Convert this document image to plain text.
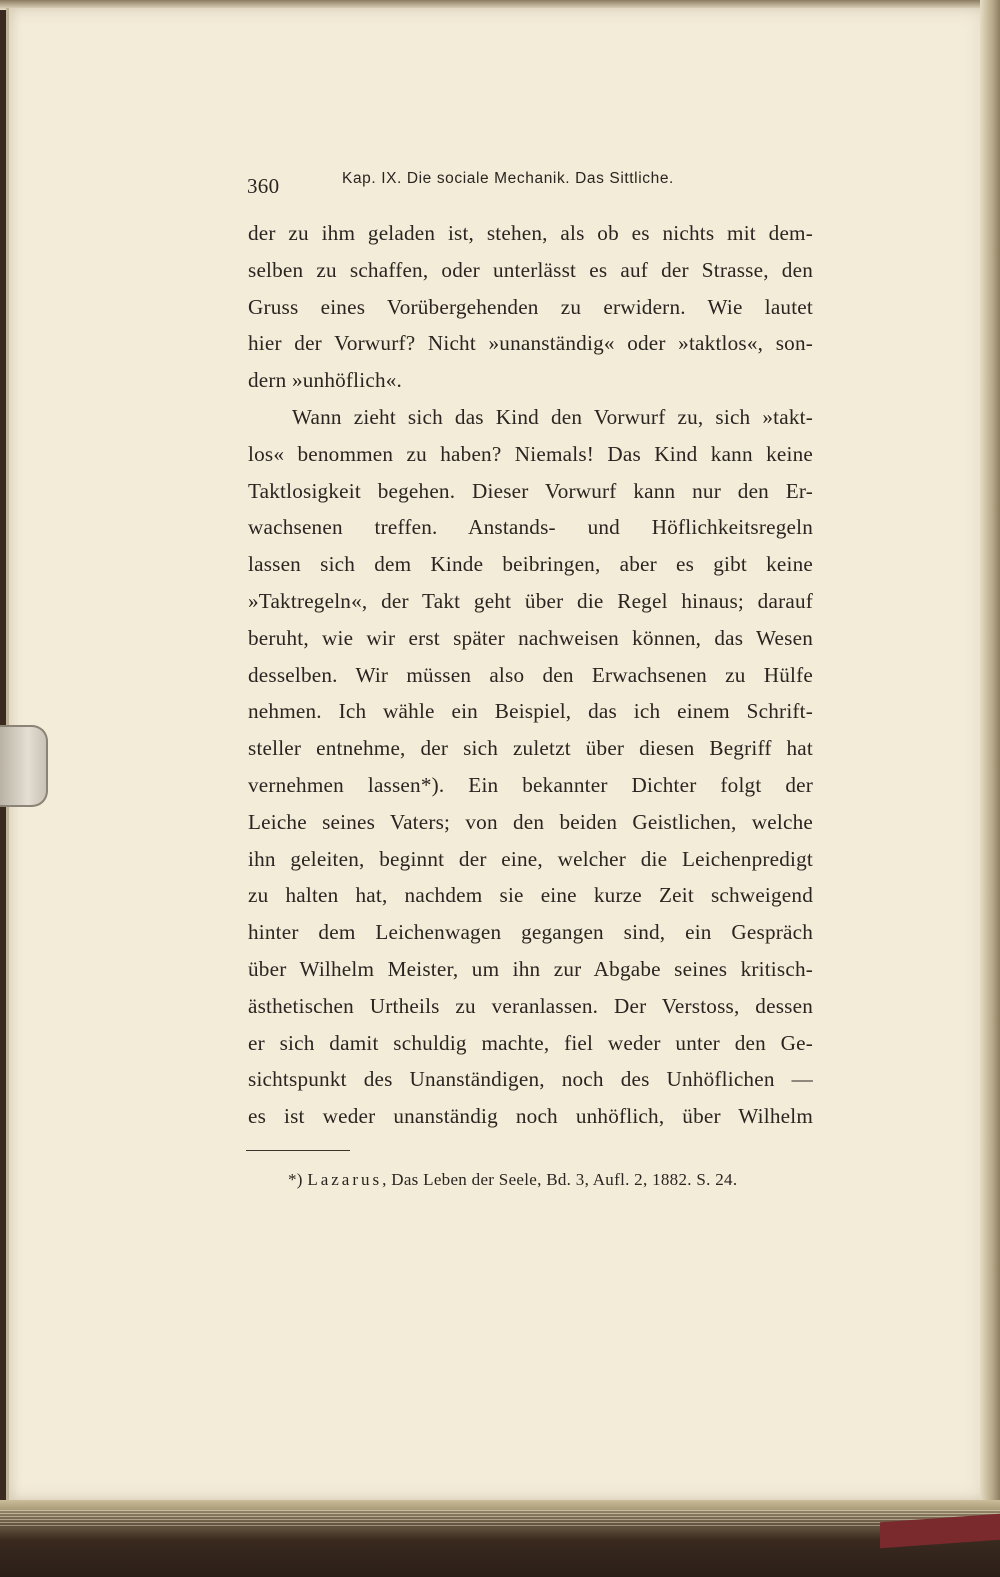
360	Kap. IX. Die sociale Mechanik. Das Sittliche.
der zu ihm geladen ist, stehen, als ob es nichts mit dem-
selben zu schaffen, oder unterlässt es auf der Strasse, den
Gruss eines Vorübergehenden zu erwidern. Wie lautet
hier der Vorwurf? Nicht »unanständig« oder »taktlos«, son-
dern »unhöflich«.
Wann zieht sich das Kind den Vorwurf zu, sich »takt-
los« benommen zu haben? Niemals! Das Kind kann keine
Taktlosigkeit begehen. Dieser Vorwurf kann nur den Er-
wachsenen treffen. Anstands- und Höflichkeitsregeln
lassen sich dem Kinde beibringen, aber es gibt keine
»Taktregeln«, der Takt geht über die Regel hinaus; darauf
beruht, wie wir erst später nachweisen können, das Wesen
desselben. Wir müssen also den Erwachsenen zu Hülfe
nehmen. Ich wähle ein Beispiel, das ich einem Schrift-
steller entnehme, der sich zuletzt über diesen Begriff hat
vernehmen lassen*). Ein bekannter Dichter folgt der
Leiche seines Vaters; von den beiden Geistlichen, welche
ihn geleiten, beginnt der eine, welcher die Leichenpredigt
zu halten hat, nachdem sie eine kurze Zeit schweigend
hinter dem Leichenwagen gegangen sind, ein Gespräch
über Wilhelm Meister, um ihn zur Abgabe seines kritisch-
ästhetischen Urtheils zu veranlassen. Der Verstoss, dessen
er sich damit schuldig machte, fiel weder unter den Ge-
sichtspunkt des Unanständigen, noch des Unhöflichen —
es ist weder unanständig noch unhöflich, über Wilhelm
*) Lazarus, Das Leben der Seele, Bd. 3, Aufl. 2, 1882. S. 24.
